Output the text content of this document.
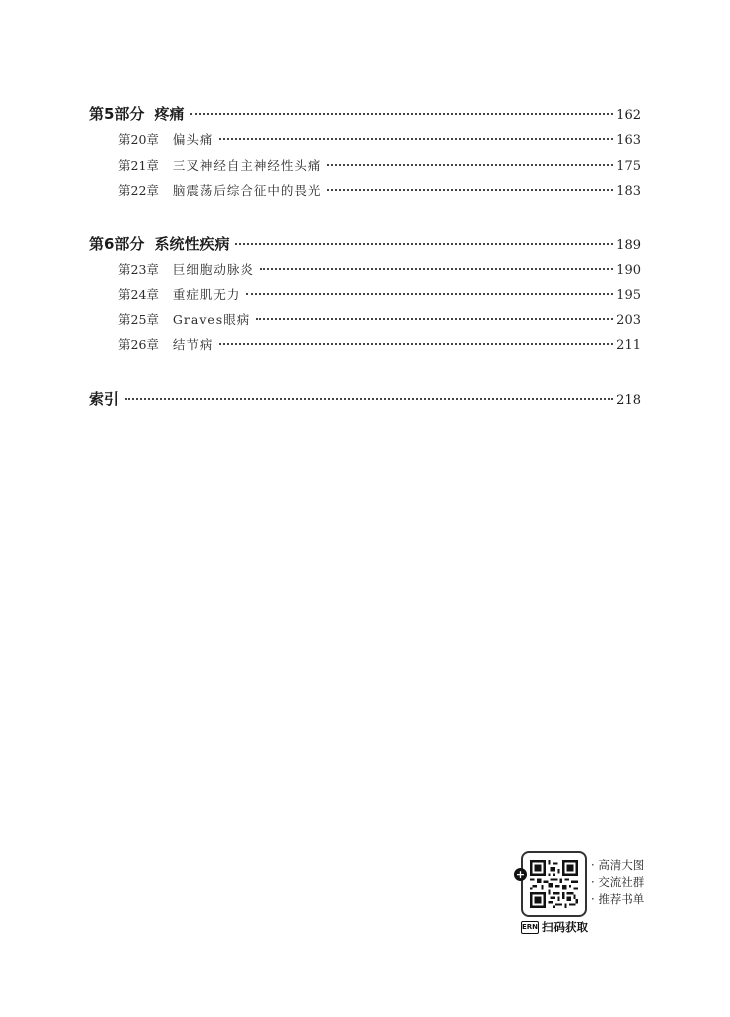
第5部分 疼痛	162
第20章 偏头痛	163
第21章 三叉神经自主神经性头痛	175
第22章 脑震荡后综合征中的畏光	183
第6部分 系统性疾病	189
第23章 巨细胞动脉炎	190
第24章 重症肌无力	195
第25章 Graves眼病	203
第26章 结节病	211
索引	218
+
· 高清大图
· 交流社群
· 推荐书单
ERN 扫码获取
